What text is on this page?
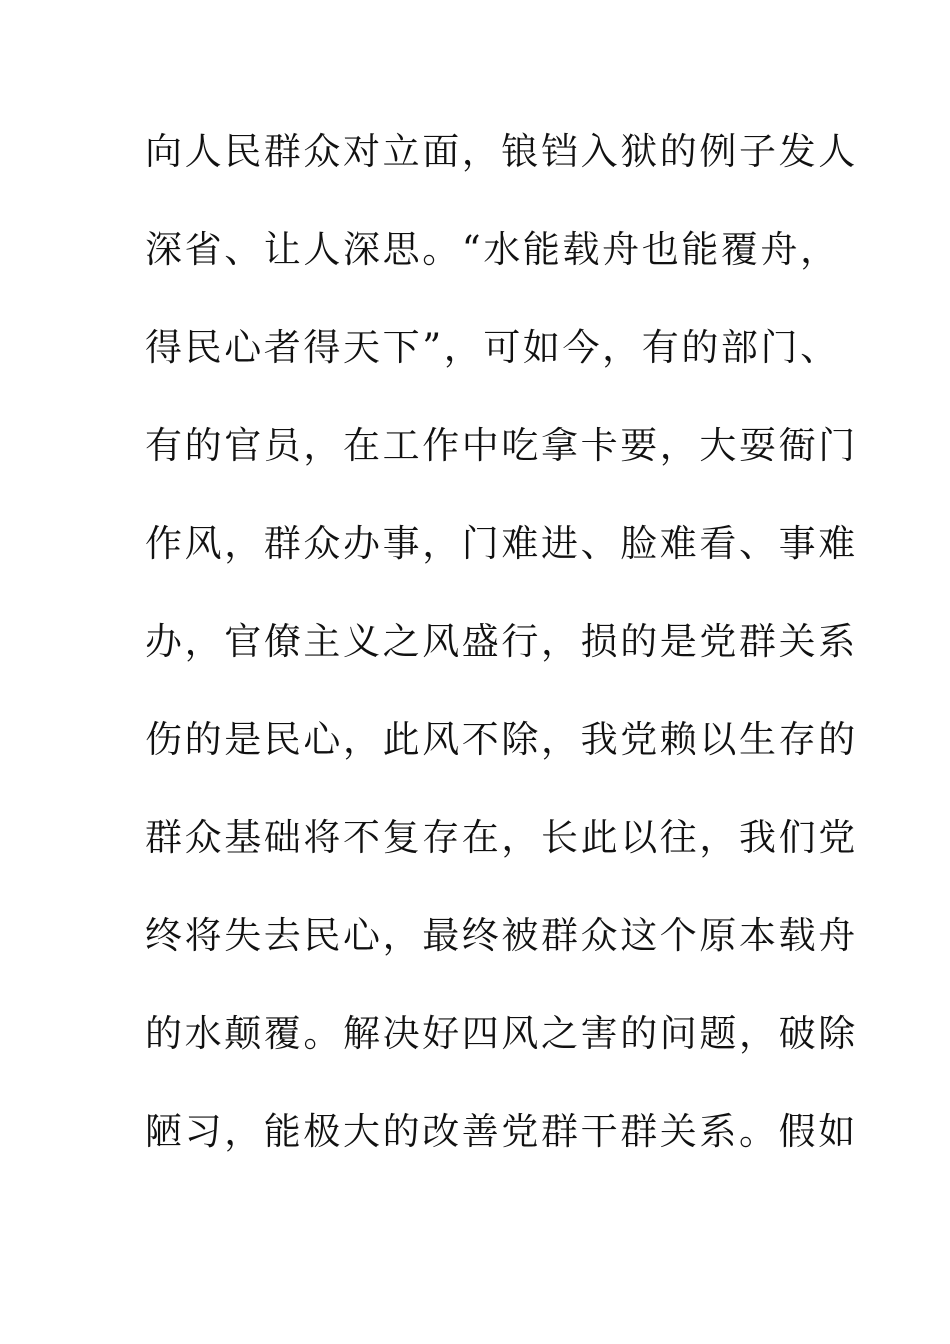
向人民群众对立面，锒铛入狱的例子发人
深省、让人深思。“水能载舟也能覆舟，
得民心者得天下”，可如今，有的部门、
有的官员，在工作中吃拿卡要，大耍衙门
作风，群众办事，门难进、脸难看、事难
办，官僚主义之风盛行，损的是党群关系
伤的是民心，此风不除，我党赖以生存的
群众基础将不复存在，长此以往，我们党
终将失去民心，最终被群众这个原本载舟
的水颠覆。解决好四风之害的问题，破除
陋习，能极大的改善党群干群关系。假如
